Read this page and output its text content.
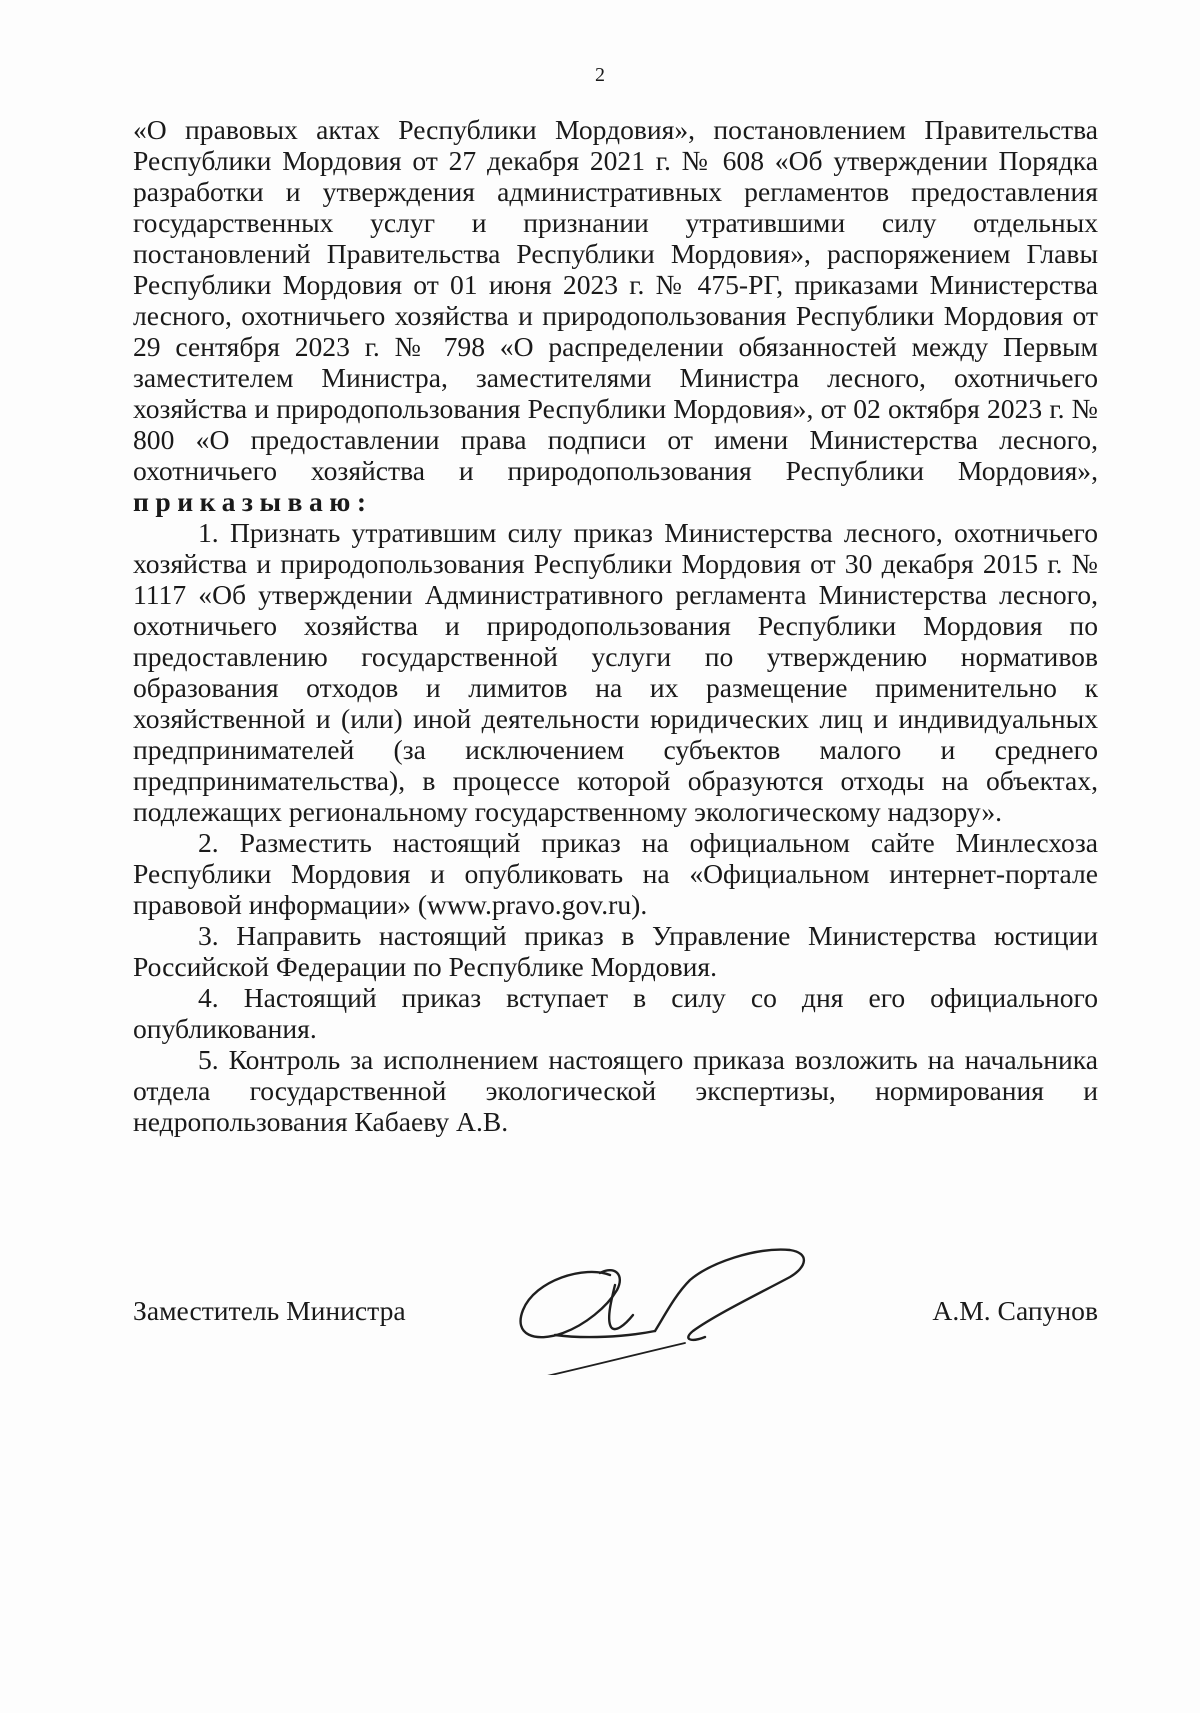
2

«О правовых актах Республики Мордовия», постановлением Правительства Республики Мордовия от 27 декабря 2021 г. № 608 «Об утверждении Порядка разработки и утверждения административных регламентов предоставления государственных услуг и признании утратившими силу отдельных постановлений Правительства Республики Мордовия», распоряжением Главы Республики Мордовия от 01 июня 2023 г. № 475-РГ, приказами Министерства лесного, охотничьего хозяйства и природопользования Республики Мордовия от 29 сентября 2023 г. № 798 «О распределении обязанностей между Первым заместителем Министра, заместителями Министра лесного, охотничьего хозяйства и природопользования Республики Мордовия», от 02 октября 2023 г. № 800 «О предоставлении права подписи от имени Министерства лесного, охотничьего хозяйства и природопользования Республики Мордовия», приказываю:

1. Признать утратившим силу приказ Министерства лесного, охотничьего хозяйства и природопользования Республики Мордовия от 30 декабря 2015 г. № 1117 «Об утверждении Административного регламента Министерства лесного, охотничьего хозяйства и природопользования Республики Мордовия по предоставлению государственной услуги по утверждению нормативов образования отходов и лимитов на их размещение применительно к хозяйственной и (или) иной деятельности юридических лиц и индивидуальных предпринимателей (за исключением субъектов малого и среднего предпринимательства), в процессе которой образуются отходы на объектах, подлежащих региональному государственному экологическому надзору».

2. Разместить настоящий приказ на официальном сайте Минлесхоза Республики Мордовия и опубликовать на «Официальном интернет-портале правовой информации» (www.pravo.gov.ru).

3. Направить настоящий приказ в Управление Министерства юстиции Российской Федерации по Республике Мордовия.

4. Настоящий приказ вступает в силу со дня его официального опубликования.

5. Контроль за исполнением настоящего приказа возложить на начальника отдела государственной экологической экспертизы, нормирования и недропользования Кабаеву А.В.

Заместитель Министра	А.М. Сапунов
